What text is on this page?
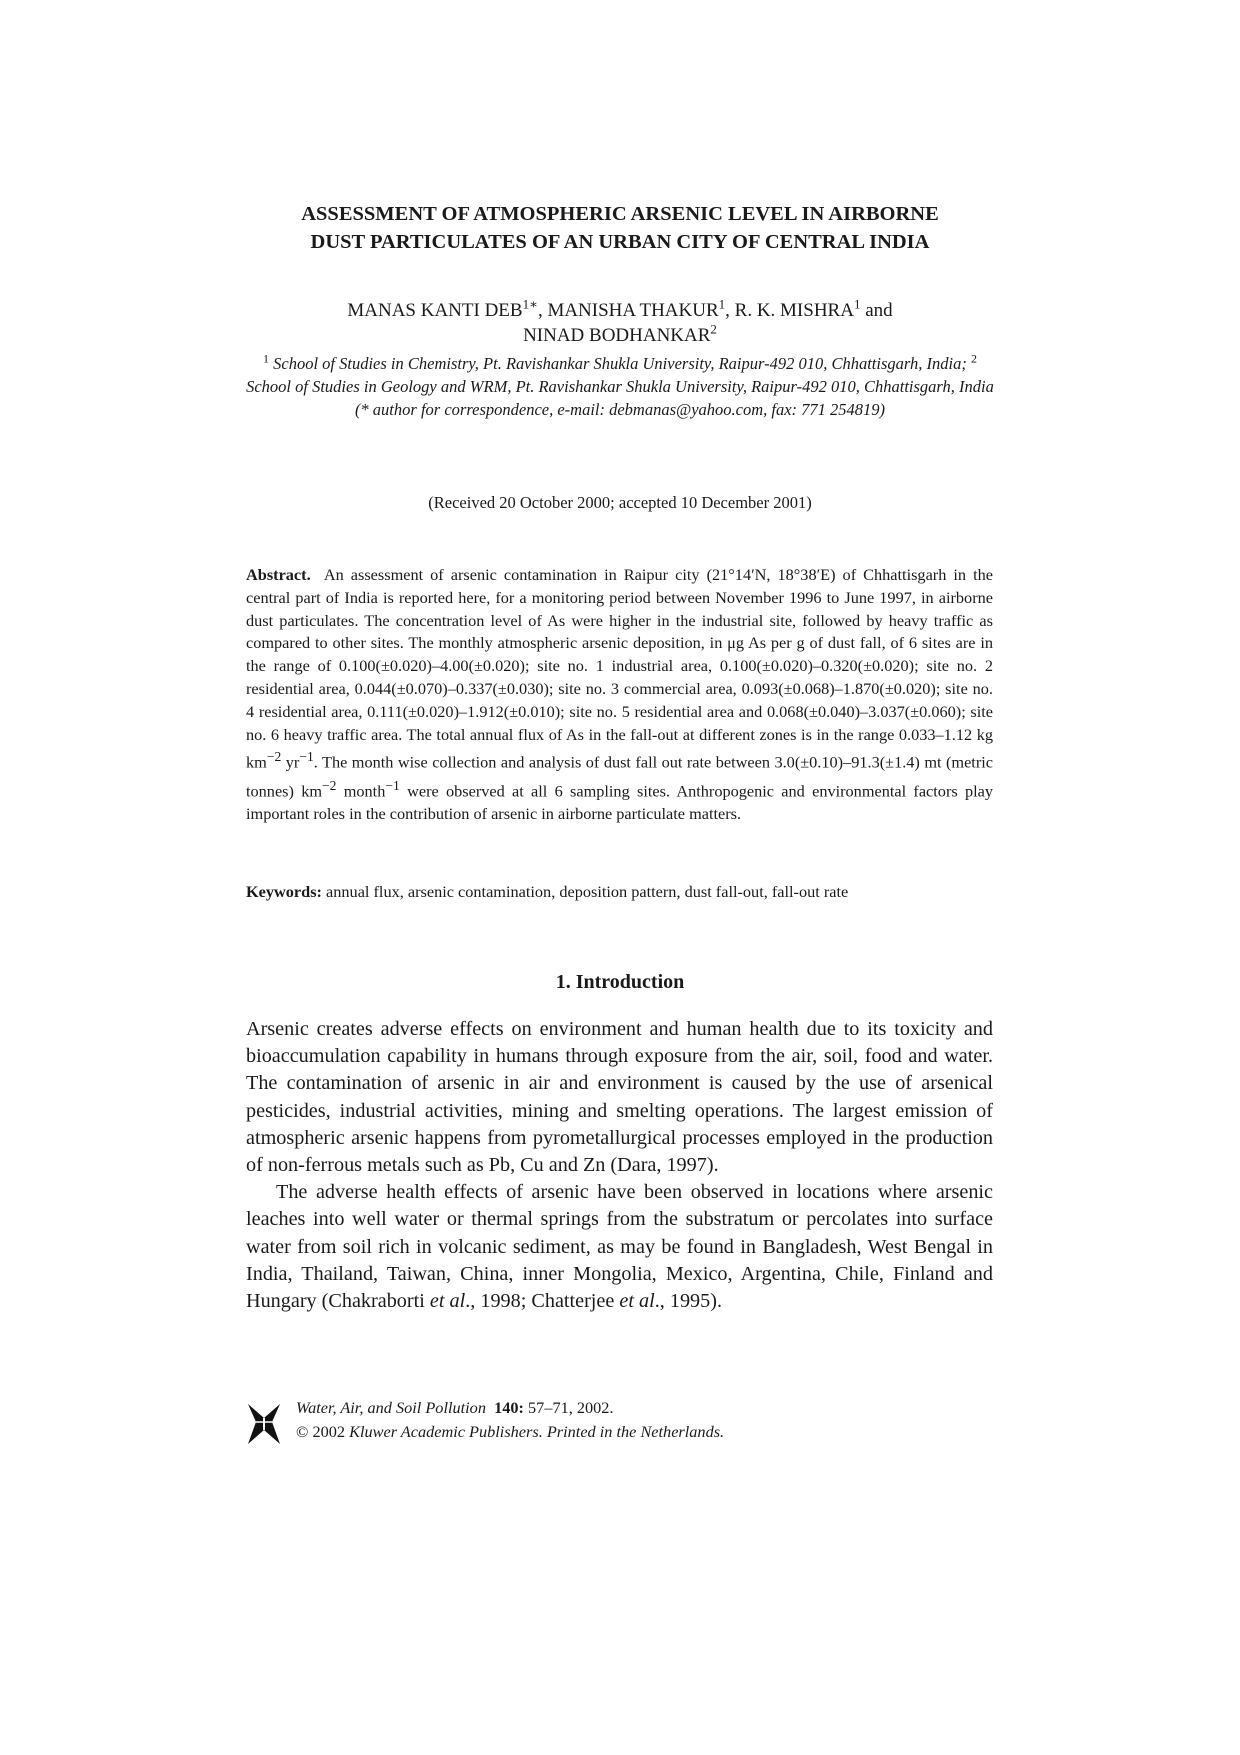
ASSESSMENT OF ATMOSPHERIC ARSENIC LEVEL IN AIRBORNE
DUST PARTICULATES OF AN URBAN CITY OF CENTRAL INDIA
MANAS KANTI $DEB^{1∗}$, MANISHA THAKUR$^1$, R. K. MISHRA$^1$ and
NINAD BODHANKAR$^2$
$^1$ School of Studies in Chemistry, Pt. Ravishankar Shukla University, Raipur-492 010, Chhattisgarh, India; $^2$ School of Studies in Geology and WRM, Pt. Ravishankar Shukla University, Raipur-492 010, Chhattisgarh, India
(* author for correspondence, e-mail: debmanas@yahoo.com, fax: 771 254819)
(Received 20 October 2000; accepted 10 December 2001)
Abstract. An assessment of arsenic contamination in Raipur city (21°14′N, 18°38′E) of Chhattisgarh in the central part of India is reported here, for a monitoring period between November 1996 to June 1997, in airborne dust particulates. The concentration level of As were higher in the industrial site, followed by heavy traffic as compared to other sites. The monthly atmospheric arsenic deposition, in μg As per g of dust fall, of 6 sites are in the range of 0.100(±0.020)–4.00(±0.020); site no. 1 industrial area, 0.100(±0.020)–0.320(±0.020); site no. 2 residential area, 0.044(±0.070)–0.337(±0.030); site no. 3 commercial area, 0.093(±0.068)–1.870(±0.020); site no. 4 residential area, 0.111(±0.020)–1.912(±0.010); site no. 5 residential area and 0.068(±0.040)–3.037(±0.060); site no. 6 heavy traffic area. The total annual flux of As in the fall-out at different zones is in the range 0.033–1.12 kg $km^{-2}$ $yr^{-1}$. The month wise collection and analysis of dust fall out rate between 3.0(±0.10)–91.3(±1.4) mt (metric tonnes) $km^{-2}$ month$^{-1}$ were observed at all 6 sampling sites. Anthropogenic and environmental factors play important roles in the contribution of arsenic in airborne particulate matters.
Keywords: annual flux, arsenic contamination, deposition pattern, dust fall-out, fall-out rate
1. Introduction

Arsenic creates adverse effects on environment and human health due to its toxicity and bioaccumulation capability in humans through exposure from the air, soil, food and water. The contamination of arsenic in air and environment is caused by the use of arsenical pesticides, industrial activities, mining and smelting operations. The largest emission of atmospheric arsenic happens from pyrometallurgical processes employed in the production of non-ferrous metals such as Pb, Cu and Zn (Dara, 1997).

The adverse health effects of arsenic have been observed in locations where arsenic leaches into well water or thermal springs from the substratum or percolates into surface water from soil rich in volcanic sediment, as may be found in Bangladesh, West Bengal in India, Thailand, Taiwan, China, inner Mongolia, Mexico, Argentina, Chile, Finland and Hungary (Chakraborti et al., 1998; Chatterjee et al., 1995).

Water, Air, and Soil Pollution 140: 57–71, 2002.
© 2002 Kluwer Academic Publishers. Printed in the Netherlands.
